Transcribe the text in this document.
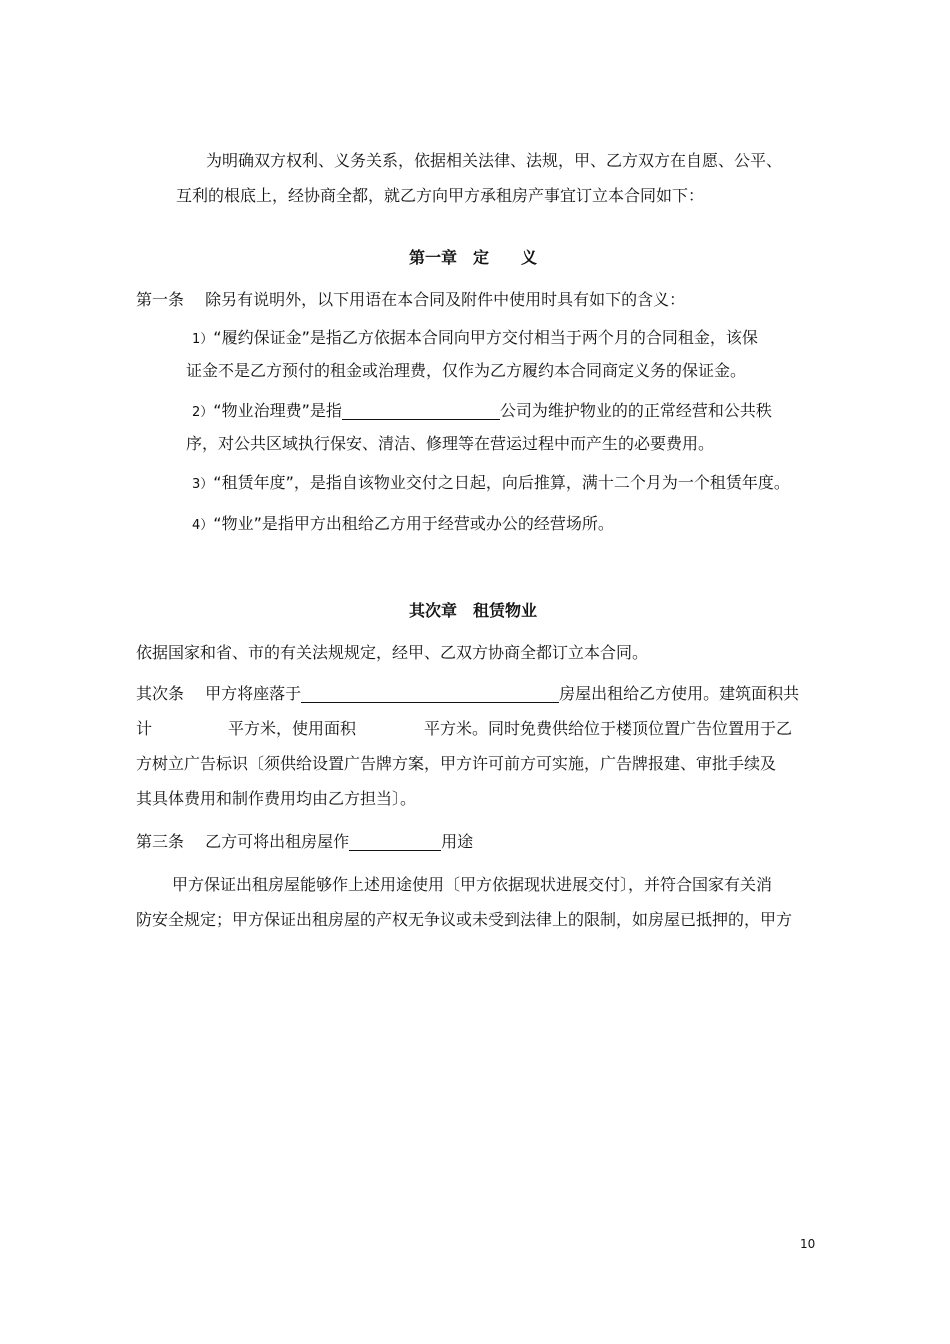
为明确双方权利、义务关系，依据相关法律、法规，甲、乙方双方在自愿、公平、

互利的根底上，经协商全都，就乙方向甲方承租房产事宜订立本合同如下：

第一章　定　　义

第一条　 除另有说明外，以下用语在本合同及附件中使用时具有如下的含义：

1）“履约保证金”是指乙方依据本合同向甲方交付相当于两个月的合同租金，该保

证金不是乙方预付的租金或治理费，仅作为乙方履约本合同商定义务的保证金。

2）“物业治理费”是指	公司为维护物业的的正常经营和公共秩

序，对公共区域执行保安、清洁、修理等在营运过程中而产生的必要费用。

3）“租赁年度”，是指自该物业交付之日起，向后推算，满十二个月为一个租赁年度。

4）“物业”是指甲方出租给乙方用于经营或办公的经营场所。

其次章　租赁物业

依据国家和省、市的有关法规规定，经甲、乙双方协商全都订立本合同。

其次条　 甲方将座落于	房屋出租给乙方使用。建筑面积共

计	平方米，使用面积	平方米。同时免费供给位于楼顶位置广告位置用于乙

方树立广告标识〔须供给设置广告牌方案，甲方许可前方可实施，广告牌报建、审批手续及

其具体费用和制作费用均由乙方担当〕。

第三条　 乙方可将出租房屋作	用途

甲方保证出租房屋能够作上述用途使用〔甲方依据现状进展交付〕，并符合国家有关消

防安全规定；甲方保证出租房屋的产权无争议或未受到法律上的限制，如房屋已抵押的，甲方

10
